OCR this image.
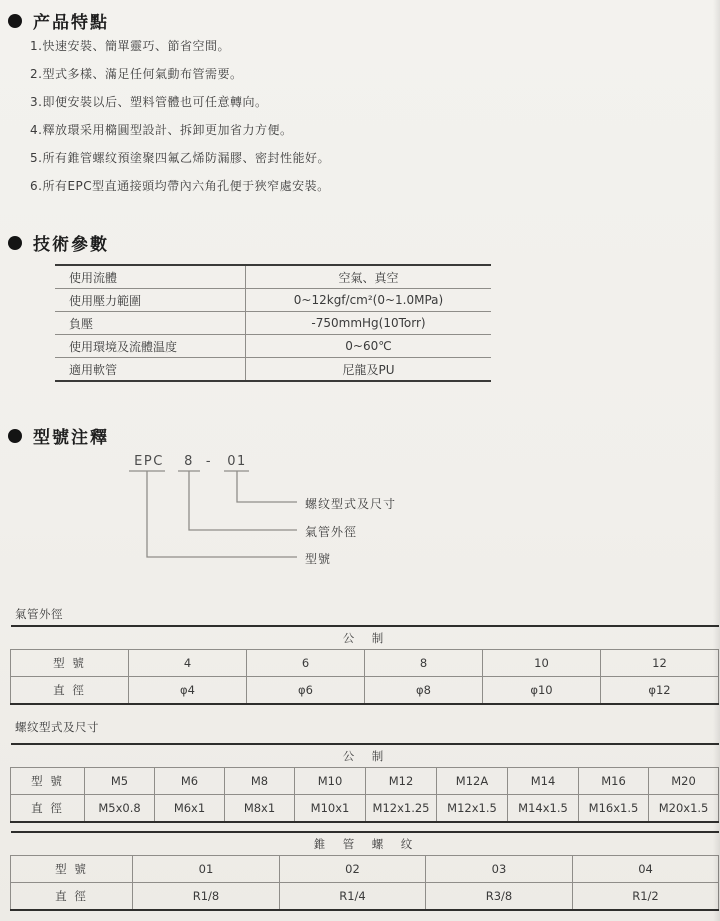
产品特點
1.快速安裝、簡單靈巧、節省空間。
2.型式多樣、滿足任何氣動布管需要。
3.即便安裝以后、塑料管體也可任意轉向。
4.釋放環采用橢圓型設計、拆卸更加省力方便。
5.所有錐管螺纹預塗聚四氟乙烯防漏膠、密封性能好。
6.所有EPC型直通接頭均帶內六角孔便于狹窄處安裝。
技術參數
使用流體	空氣、真空
使用壓力範圍	0~12kgf/cm²(0~1.0MPa)
負壓	-750mmHg(10Torr)
使用環境及流體温度	0~60℃
適用軟管	尼龍及PU
型號注釋
EPC	8 -	01
螺纹型式及尺寸
氣管外徑
型號
氣管外徑
公　制					
型 號	4	6	8	10	12
直 徑	φ4	φ6	φ8	φ10	φ12
螺纹型式及尺寸
公　制									
型 號	M5	M6	M8	M10	M12	M12A	M14	M16	M20
直 徑	M5x0.8	M6x1	M8x1	M10x1	M12x1.25	M12x1.5	M14x1.5	M16x1.5	M20x1.5
錐　管　螺　纹				
型 號	01	02	03	04
直 徑	R1/8	R1/4	R3/8	R1/2
